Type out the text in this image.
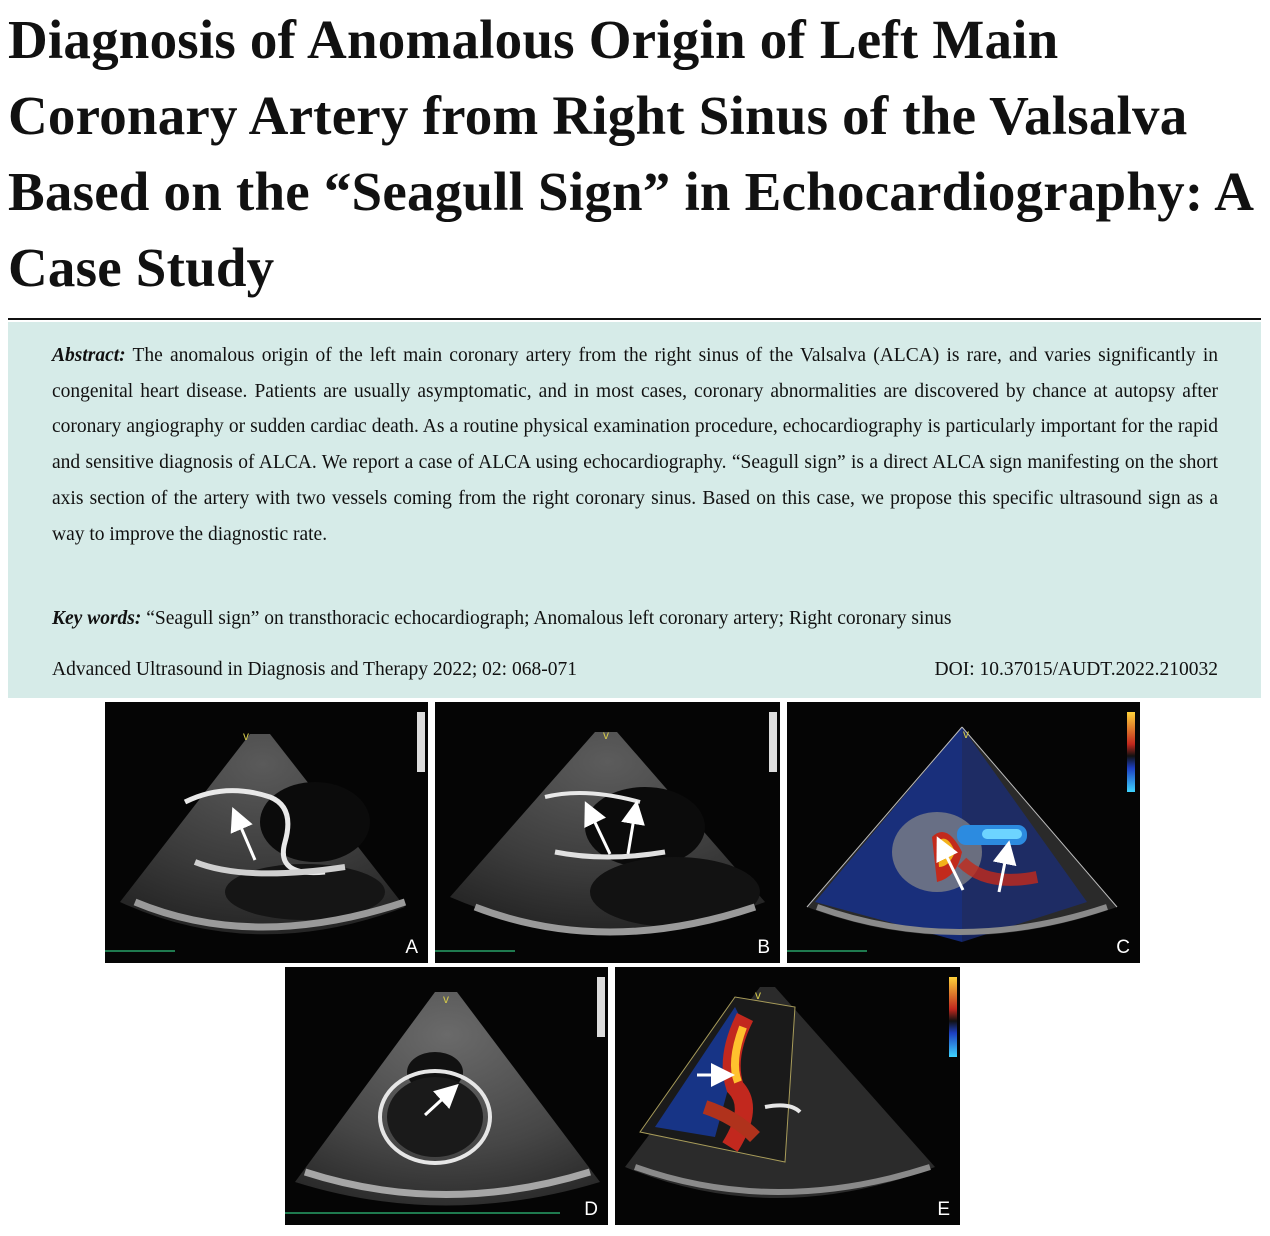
Diagnosis of Anomalous Origin of Left Main Coronary Artery from Right Sinus of the Valsalva Based on the “Seagull Sign” in Echocardiography: A Case Study

Abstract: The anomalous origin of the left main coronary artery from the right sinus of the Valsalva (ALCA) is rare, and varies significantly in congenital heart disease. Patients are usually asymptomatic, and in most cases, coronary abnormalities are discovered by chance at autopsy after coronary angiography or sudden cardiac death. As a routine physical examination procedure, echocardiography is particularly important for the rapid and sensitive diagnosis of ALCA. We report a case of ALCA using echocardiography. “Seagull sign” is a direct ALCA sign manifesting on the short axis section of the artery with two vessels coming from the right coronary sinus. Based on this case, we propose this specific ultrasound sign as a way to improve the diagnostic rate.

Key words: “Seagull sign” on transthoracic echocardiograph; Anomalous left coronary artery; Right coronary sinus

Advanced Ultrasound in Diagnosis and Therapy 2022; 02: 068-071	DOI: 10.37015/AUDT.2022.210032
v
A
v
B
v
C
v
D
v
E
